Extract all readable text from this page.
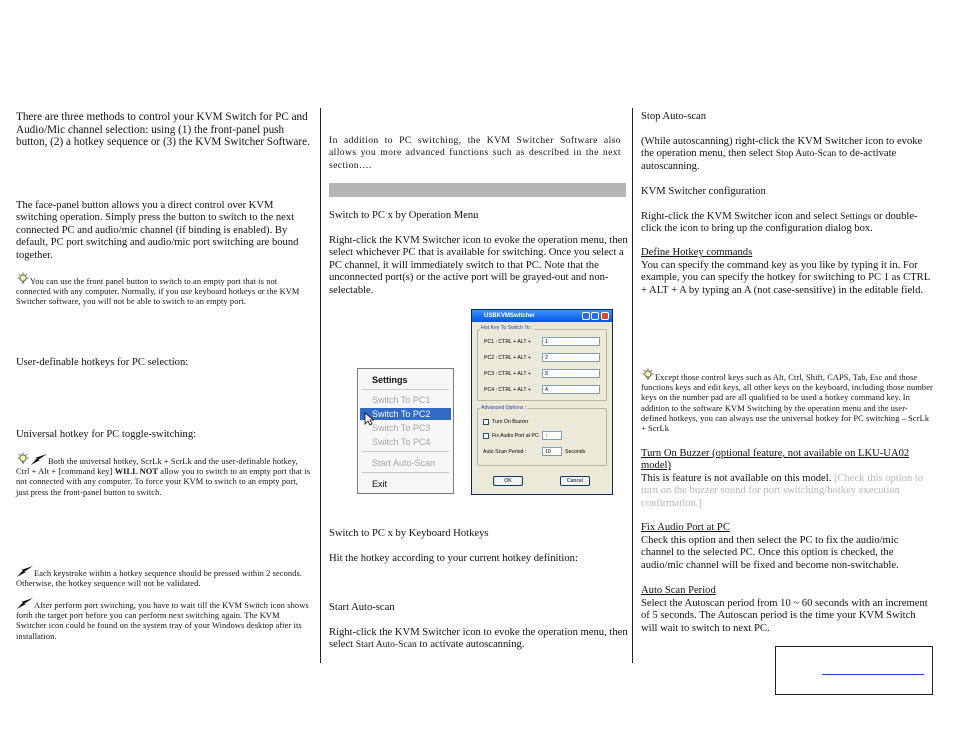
There are three methods to control your KVM Switch for PC and Audio/Mic channel selection: using (1) the front-panel push button, (2) a hotkey sequence or (3) the KVM Switcher Software.

The face-panel button allows you a direct control over KVM switching operation. Simply press the button to switch to the next connected PC and audio/mic channel (if binding is enabled). By default, PC port switching and audio/mic port switching are bound together.

You can use the front panel button to switch to an empty port that is not connected with any computer. Normally, if you use keyboard hotkeys or the KVM Switcher software, you will not be able to switch to an empty port.

User-definable hotkeys for PC selection:

Universal hotkey for PC toggle-switching:

Both the universal hotkey, ScrLk + ScrLk and the user-definable hotkey, Ctrl + Alt + [command key] WILL NOT allow you to switch to an empty port that is not connected with any computer. To force your KVM to switch to an empty port, just press the front-panel button to switch.
Each keystroke within a hotkey sequence should be pressed within 2 seconds. Otherwise, the hotkey sequence will not be validated.
After perform port switching, you have to wait till the KVM Switch icon shows forth the target port before you can perform next switching again. The KVM Switcher icon could be found on the system tray of your Windows desktop after its installation.

In addition to PC switching, the KVM Switcher Software also allows you more advanced functions such as described in the next section….

Switch to PC x by Operation Menu

Right-click the KVM Switcher icon to evoke the operation menu, then select whichever PC that is available for switching. Once you select a PC channel, it will immediately switch to that PC. Note that the unconnected port(s) or the active port will be grayed-out and non-selectable.

Settings
Switch To PC1
Switch To PC2
Switch To PC3
Switch To PC4
Start Auto-Scan
Exit
USBKVMSwitcher
Hot Key To Switch To :
PC1 : CTRL + ALT +	1
PC2 : CTRL + ALT +	2
PC3 : CTRL + ALT +	3
PC4 : CTRL + ALT +	4
Advanced Options :
Turn On Buzzer
Fix Audio Port at PC	1
Auto Scan Period :	10	Seconds
OK	Cancel

Switch to PC x by Keyboard Hotkeys

Hit the hotkey according to your current hotkey definition:

Start Auto-scan

Right-click the KVM Switcher icon to evoke the operation menu, then select Start Auto-Scan to activate autoscanning.

Stop Auto-scan

(While autoscanning) right-click the KVM Switcher icon to evoke the operation menu, then select Stop Auto-Scan to de-activate autoscanning.

KVM Switcher configuration

Right-click the KVM Switcher icon and select Settings or double-click the icon to bring up the configuration dialog box.

Define Hotkey commands

You can specify the command key as you like by typing it in. For example, you can specify the hotkey for switching to PC 1 as CTRL + ALT + A by typing an A (not case-sensitive) in the editable field.

Except those control keys such as Alt, Ctrl, Shift, CAPS, Tab, Esc and those functions keys and edit keys, all other keys on the keyboard, including those number keys on the number pad are all qualified to be used a hotkey command key. In addition to the software KVM Switching by the operation menu and the user-defined hotkeys, you can always use the universal hotkey for PC switching – ScrLk + ScrLk

Turn On Buzzer (optional feature, not available on LKU-UA02 model)

This is feature is not available on this model. [Check this option to turn on the buzzer sound for port switching/hotkey execution confirmation.]

Fix Audio Port at PC

Check this option and then select the PC to fix the audio/mic channel to the selected PC. Once this option is checked, the audio/mic channel will be fixed and become non-switchable.

Auto Scan Period

Select the Autoscan period from 10 ~ 60 seconds with an increment of 5 seconds. The Autoscan period is the time your KVM Switch will wait to switch to next PC.
